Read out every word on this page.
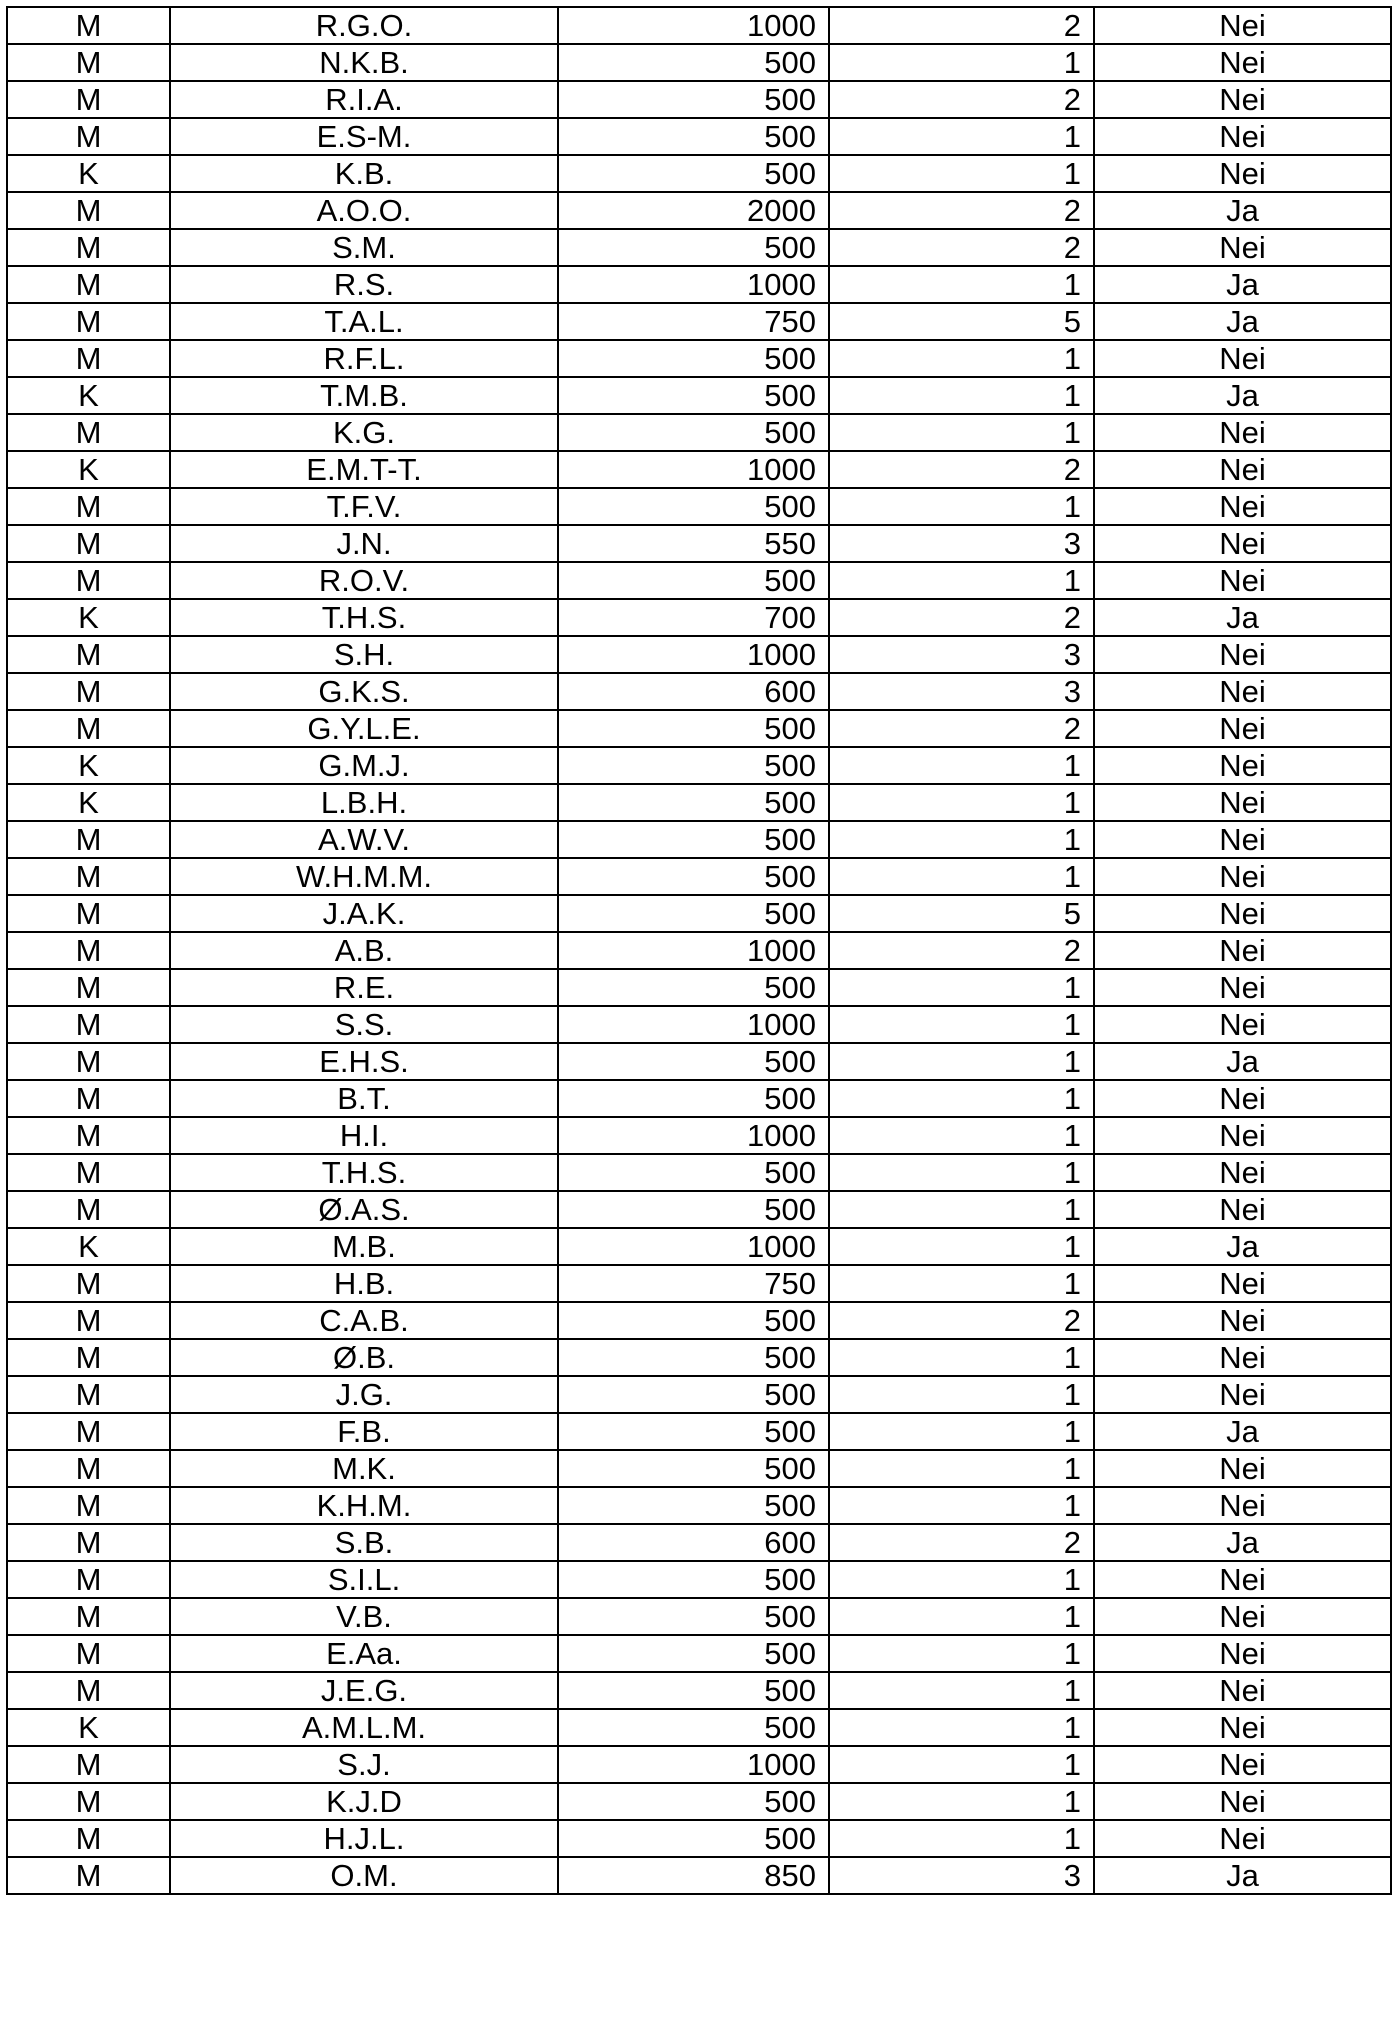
M	R.G.O.	1000	2	Nei
M	N.K.B.	500	1	Nei
M	R.I.A.	500	2	Nei
M	E.S-M.	500	1	Nei
K	K.B.	500	1	Nei
M	A.O.O.	2000	2	Ja
M	S.M.	500	2	Nei
M	R.S.	1000	1	Ja
M	T.A.L.	750	5	Ja
M	R.F.L.	500	1	Nei
K	T.M.B.	500	1	Ja
M	K.G.	500	1	Nei
K	E.M.T-T.	1000	2	Nei
M	T.F.V.	500	1	Nei
M	J.N.	550	3	Nei
M	R.O.V.	500	1	Nei
K	T.H.S.	700	2	Ja
M	S.H.	1000	3	Nei
M	G.K.S.	600	3	Nei
M	G.Y.L.E.	500	2	Nei
K	G.M.J.	500	1	Nei
K	L.B.H.	500	1	Nei
M	A.W.V.	500	1	Nei
M	W.H.M.M.	500	1	Nei
M	J.A.K.	500	5	Nei
M	A.B.	1000	2	Nei
M	R.E.	500	1	Nei
M	S.S.	1000	1	Nei
M	E.H.S.	500	1	Ja
M	B.T.	500	1	Nei
M	H.I.	1000	1	Nei
M	T.H.S.	500	1	Nei
M	Ø.A.S.	500	1	Nei
K	M.B.	1000	1	Ja
M	H.B.	750	1	Nei
M	C.A.B.	500	2	Nei
M	Ø.B.	500	1	Nei
M	J.G.	500	1	Nei
M	F.B.	500	1	Ja
M	M.K.	500	1	Nei
M	K.H.M.	500	1	Nei
M	S.B.	600	2	Ja
M	S.I.L.	500	1	Nei
M	V.B.	500	1	Nei
M	E.Aa.	500	1	Nei
M	J.E.G.	500	1	Nei
K	A.M.L.M.	500	1	Nei
M	S.J.	1000	1	Nei
M	K.J.D	500	1	Nei
M	H.J.L.	500	1	Nei
M	O.M.	850	3	Ja
